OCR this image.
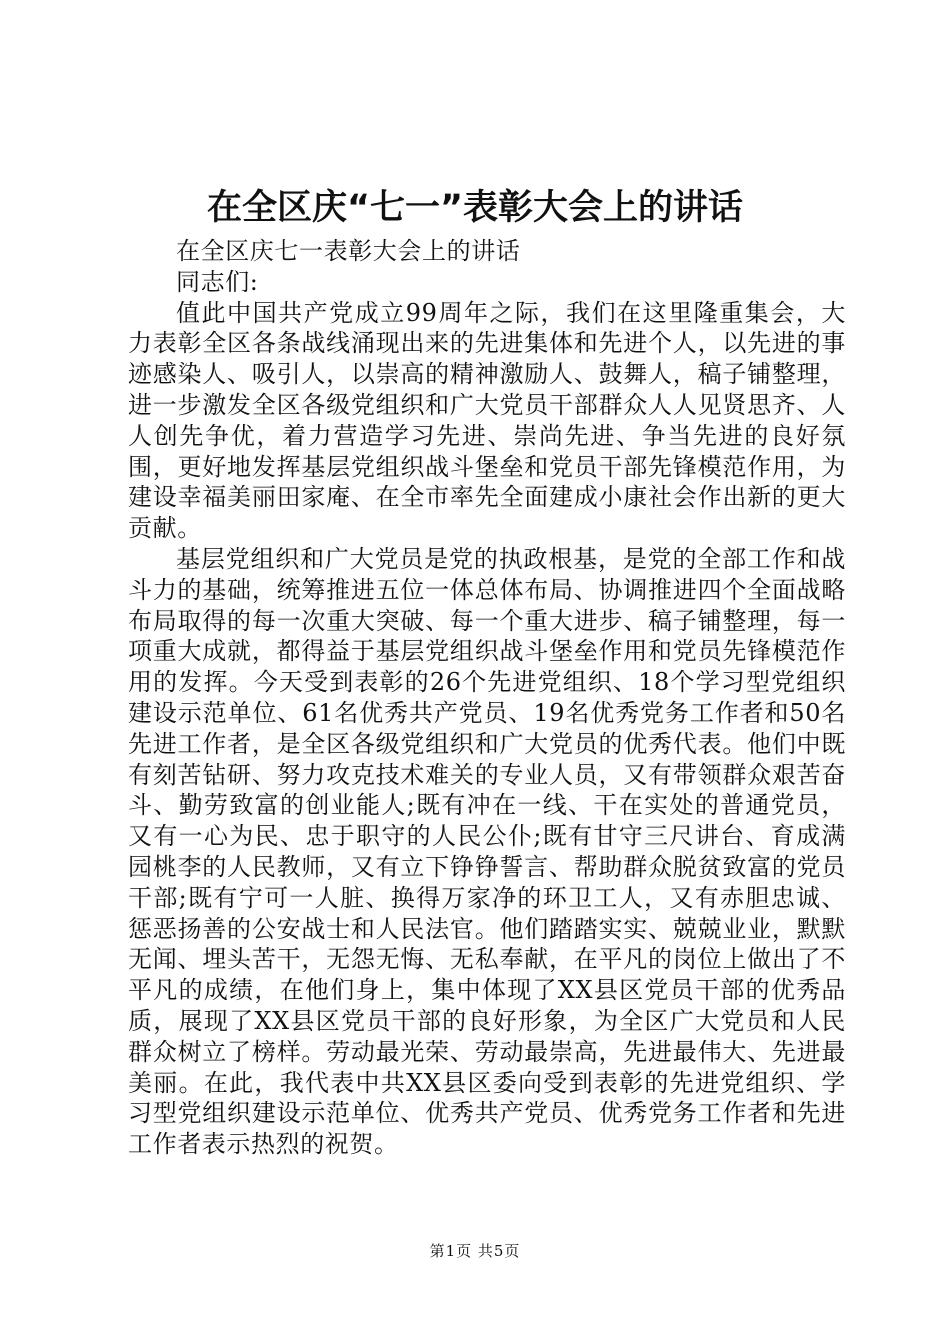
在全区庆“七一”表彰大会上的讲话

在全区庆七一表彰大会上的讲话

同志们:

值此中国共产党成立99周年之际，我们在这里隆重集会，大力表彰全区各条战线涌现出来的先进集体和先进个人，以先进的事迹感染人、吸引人，以崇高的精神激励人、鼓舞人，稿子铺整理，进一步激发全区各级党组织和广大党员干部群众人人见贤思齐、人人创先争优，着力营造学习先进、崇尚先进、争当先进的良好氛围，更好地发挥基层党组织战斗堡垒和党员干部先锋模范作用，为建设幸福美丽田家庵、在全市率先全面建成小康社会作出新的更大贡献。

基层党组织和广大党员是党的执政根基，是党的全部工作和战斗力的基础，统筹推进五位一体总体布局、协调推进四个全面战略布局取得的每一次重大突破、每一个重大进步、稿子铺整理，每一项重大成就，都得益于基层党组织战斗堡垒作用和党员先锋模范作用的发挥。今天受到表彰的26个先进党组织、18个学习型党组织建设示范单位、61名优秀共产党员、19名优秀党务工作者和50名先进工作者，是全区各级党组织和广大党员的优秀代表。他们中既有刻苦钻研、努力攻克技术难关的专业人员，又有带领群众艰苦奋斗、勤劳致富的创业能人;既有冲在一线、干在实处的普通党员，又有一心为民、忠于职守的人民公仆;既有甘守三尺讲台、育成满园桃李的人民教师，又有立下铮铮誓言、帮助群众脱贫致富的党员干部;既有宁可一人脏、换得万家净的环卫工人，又有赤胆忠诚、惩恶扬善的公安战士和人民法官。他们踏踏实实、兢兢业业，默默无闻、埋头苦干，无怨无悔、无私奉献，在平凡的岗位上做出了不平凡的成绩，在他们身上，集中体现了XX县区党员干部的优秀品质，展现了XX县区党员干部的良好形象，为全区广大党员和人民群众树立了榜样。劳动最光荣、劳动最崇高，先进最伟大、先进最美丽。在此，我代表中共XX县区委向受到表彰的先进党组织、学习型党组织建设示范单位、优秀共产党员、优秀党务工作者和先进工作者表示热烈的祝贺。

第1页 共5页
